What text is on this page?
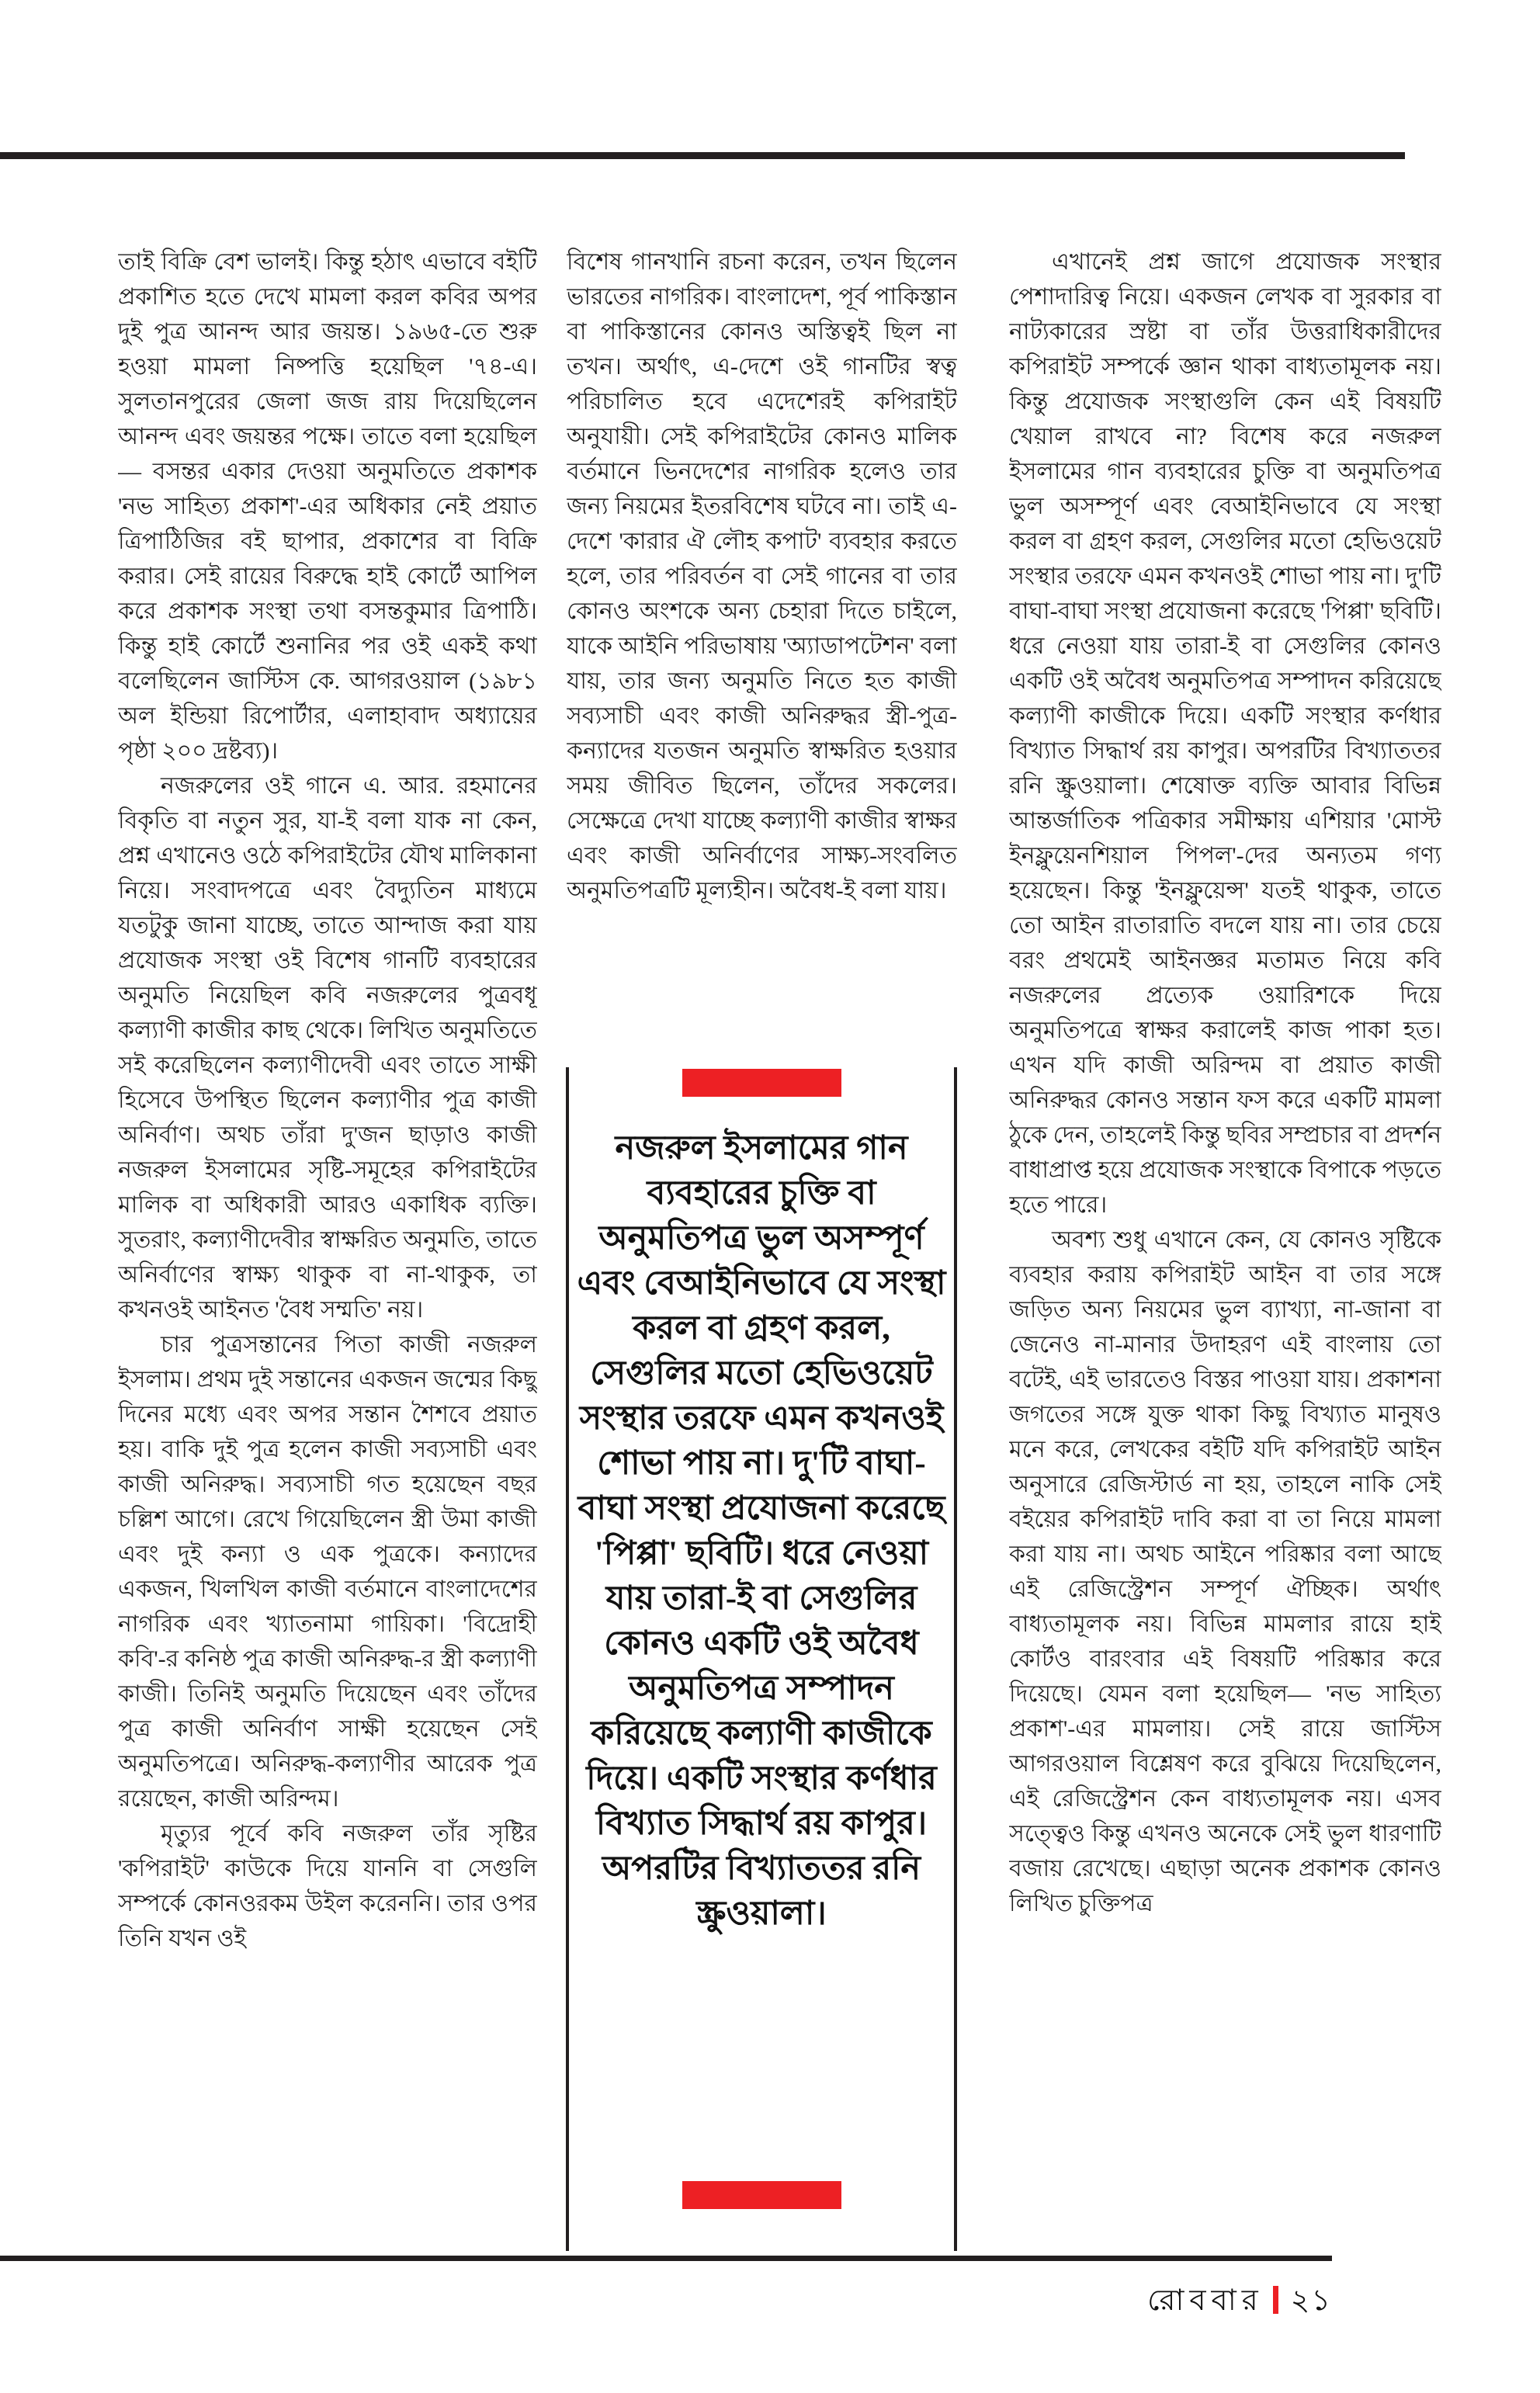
তাই বিক্রি বেশ ভালই। কিন্তু হঠাৎ এভাবে বইটি প্রকাশিত হতে দেখে মামলা করল কবির অপর দুই পুত্র আনন্দ আর জয়ন্ত। ১৯৬৫-তে শুরু হওয়া মামলা নিষ্পত্তি হয়েছিল '৭৪-এ। সুলতানপুরের জেলা জজ রায় দিয়েছিলেন আনন্দ এবং জয়ন্তর পক্ষে। তাতে বলা হয়েছিল— বসন্তর একার দেওয়া অনুমতিতে প্রকাশক 'নভ সাহিত্য প্রকাশ'-এর অধিকার নেই প্রয়াত ত্রিপাঠিজির বই ছাপার, প্রকাশের বা বিক্রি করার। সেই রায়ের বিরুদ্ধে হাই কোর্টে আপিল করে প্রকাশক সংস্থা তথা বসন্তকুমার ত্রিপাঠি। কিন্তু হাই কোর্টে শুনানির পর ওই একই কথা বলেছিলেন জাস্টিস কে. আগরওয়াল (১৯৮১ অল ইন্ডিয়া রিপোর্টার, এলাহাবাদ অধ্যায়ের পৃষ্ঠা ২০০ দ্রষ্টব্য)।

নজরুলের ওই গানে এ. আর. রহমানের বিকৃতি বা নতুন সুর, যা-ই বলা যাক না কেন, প্রশ্ন এখানেও ওঠে কপিরাইটের যৌথ মালিকানা নিয়ে। সংবাদপত্রে এবং বৈদ্যুতিন মাধ্যমে যতটুকু জানা যাচ্ছে, তাতে আন্দাজ করা যায় প্রযোজক সংস্থা ওই বিশেষ গানটি ব্যবহারের অনুমতি নিয়েছিল কবি নজরুলের পুত্রবধূ কল্যাণী কাজীর কাছ থেকে। লিখিত অনুমতিতে সই করেছিলেন কল্যাণীদেবী এবং তাতে সাক্ষী হিসেবে উপস্থিত ছিলেন কল্যাণীর পুত্র কাজী অনির্বাণ। অথচ তাঁরা দু'জন ছাড়াও কাজী নজরুল ইসলামের সৃষ্টি-সমূহের কপিরাইটের মালিক বা অধিকারী আরও একাধিক ব্যক্তি। সুতরাং, কল্যাণীদেবীর স্বাক্ষরিত অনুমতি, তাতে অনির্বাণের স্বাক্ষ্য থাকুক বা না-থাকুক, তা কখনওই আইনত 'বৈধ সম্মতি' নয়।

চার পুত্রসন্তানের পিতা কাজী নজরুল ইসলাম। প্রথম দুই সন্তানের একজন জন্মের কিছু দিনের মধ্যে এবং অপর সন্তান শৈশবে প্রয়াত হয়। বাকি দুই পুত্র হলেন কাজী সব্যসাচী এবং কাজী অনিরুদ্ধ। সব্যসাচী গত হয়েছেন বছর চল্লিশ আগে। রেখে গিয়েছিলেন স্ত্রী উমা কাজী এবং দুই কন্যা ও এক পুত্রকে। কন্যাদের একজন, খিলখিল কাজী বর্তমানে বাংলাদেশের নাগরিক এবং খ্যাতনামা গায়িকা। 'বিদ্রোহী কবি'-র কনিষ্ঠ পুত্র কাজী অনিরুদ্ধ-র স্ত্রী কল্যাণী কাজী। তিনিই অনুমতি দিয়েছেন এবং তাঁদের পুত্র কাজী অনির্বাণ সাক্ষী হয়েছেন সেই অনুমতিপত্রে। অনিরুদ্ধ-কল্যাণীর আরেক পুত্র রয়েছেন, কাজী অরিন্দম।

মৃত্যুর পূর্বে কবি নজরুল তাঁর সৃষ্টির 'কপিরাইট' কাউকে দিয়ে যাননি বা সেগুলি সম্পর্কে কোনওরকম উইল করেননি। তার ওপর তিনি যখন ওই

বিশেষ গানখানি রচনা করেন, তখন ছিলেন ভারতের নাগরিক। বাংলাদেশ, পূর্ব পাকিস্তান বা পাকিস্তানের কোনও অস্তিত্বই ছিল না তখন। অর্থাৎ, এ-দেশে ওই গানটির স্বত্ব পরিচালিত হবে এদেশেরই কপিরাইট অনুযায়ী। সেই কপিরাইটের কোনও মালিক বর্তমানে ভিনদেশের নাগরিক হলেও তার জন্য নিয়মের ইতরবিশেষ ঘটবে না। তাই এ-দেশে 'কারার ঐ লৌহ কপাট' ব্যবহার করতে হলে, তার পরিবর্তন বা সেই গানের বা তার কোনও অংশকে অন্য চেহারা দিতে চাইলে, যাকে আইনি পরিভাষায় 'অ্যাডাপটেশন' বলা যায়, তার জন্য অনুমতি নিতে হত কাজী সব্যসাচী এবং কাজী অনিরুদ্ধর স্ত্রী-পুত্র-কন্যাদের যতজন অনুমতি স্বাক্ষরিত হওয়ার সময় জীবিত ছিলেন, তাঁদের সকলের। সেক্ষেত্রে দেখা যাচ্ছে কল্যাণী কাজীর স্বাক্ষর এবং কাজী অনির্বাণের সাক্ষ্য-সংবলিত অনুমতিপত্রটি মূল্যহীন। অবৈধ-ই বলা যায়।

নজরুল ইসলামের গান ব্যবহারের চুক্তি বা অনুমতিপত্র ভুল অসম্পূর্ণ এবং বেআইনিভাবে যে সংস্থা করল বা গ্রহণ করল, সেগুলির মতো হেভিওয়েট সংস্থার তরফে এমন কখনওই শোভা পায় না। দু'টি বাঘা-বাঘা সংস্থা প্রযোজনা করেছে 'পিপ্পা' ছবিটি। ধরে নেওয়া যায় তারা-ই বা সেগুলির কোনও একটি ওই অবৈধ অনুমতিপত্র সম্পাদন করিয়েছে কল্যাণী কাজীকে দিয়ে। একটি সংস্থার কর্ণধার বিখ্যাত সিদ্ধার্থ রয় কাপুর। অপরটির বিখ্যাততর রনি স্ক্রুওয়ালা।

এখানেই প্রশ্ন জাগে প্রযোজক সংস্থার পেশাদারিত্ব নিয়ে। একজন লেখক বা সুরকার বা নাট্যকারের স্রষ্টা বা তাঁর উত্তরাধিকারীদের কপিরাইট সম্পর্কে জ্ঞান থাকা বাধ্যতামূলক নয়। কিন্তু প্রযোজক সংস্থাগুলি কেন এই বিষয়টি খেয়াল রাখবে না? বিশেষ করে নজরুল ইসলামের গান ব্যবহারের চুক্তি বা অনুমতিপত্র ভুল অসম্পূর্ণ এবং বেআইনিভাবে যে সংস্থা করল বা গ্রহণ করল, সেগুলির মতো হেভিওয়েট সংস্থার তরফে এমন কখনওই শোভা পায় না। দু'টি বাঘা-বাঘা সংস্থা প্রযোজনা করেছে 'পিপ্পা' ছবিটি। ধরে নেওয়া যায় তারা-ই বা সেগুলির কোনও একটি ওই অবৈধ অনুমতিপত্র সম্পাদন করিয়েছে কল্যাণী কাজীকে দিয়ে। একটি সংস্থার কর্ণধার বিখ্যাত সিদ্ধার্থ রয় কাপুর। অপরটির বিখ্যাততর রনি স্ক্রুওয়ালা। শেষোক্ত ব্যক্তি আবার বিভিন্ন আন্তর্জাতিক পত্রিকার সমীক্ষায় এশিয়ার 'মোস্ট ইনফ্লুয়েনশিয়াল পিপল'-দের অন্যতম গণ্য হয়েছেন। কিন্তু 'ইনফ্লুয়েন্স' যতই থাকুক, তাতে তো আইন রাতারাতি বদলে যায় না। তার চেয়ে বরং প্রথমেই আইনজ্ঞর মতামত নিয়ে কবি নজরুলের প্রত্যেক ওয়ারিশকে দিয়ে অনুমতিপত্রে স্বাক্ষর করালেই কাজ পাকা হত। এখন যদি কাজী অরিন্দম বা প্রয়াত কাজী অনিরুদ্ধর কোনও সন্তান ফস করে একটি মামলা ঠুকে দেন, তাহলেই কিন্তু ছবির সম্প্রচার বা প্রদর্শন বাধাপ্রাপ্ত হয়ে প্রযোজক সংস্থাকে বিপাকে পড়তে হতে পারে।

অবশ্য শুধু এখানে কেন, যে কোনও সৃষ্টিকে ব্যবহার করায় কপিরাইট আইন বা তার সঙ্গে জড়িত অন্য নিয়মের ভুল ব্যাখ্যা, না-জানা বা জেনেও না-মানার উদাহরণ এই বাংলায় তো বটেই, এই ভারতেও বিস্তর পাওয়া যায়। প্রকাশনা জগতের সঙ্গে যুক্ত থাকা কিছু বিখ্যাত মানুষও মনে করে, লেখকের বইটি যদি কপিরাইট আইন অনুসারে রেজিস্টার্ড না হয়, তাহলে নাকি সেই বইয়ের কপিরাইট দাবি করা বা তা নিয়ে মামলা করা যায় না। অথচ আইনে পরিষ্কার বলা আছে এই রেজিস্ট্রেশন সম্পূর্ণ ঐচ্ছিক। অর্থাৎ বাধ্যতামূলক নয়। বিভিন্ন মামলার রায়ে হাই কোর্টও বারংবার এই বিষয়টি পরিষ্কার করে দিয়েছে। যেমন বলা হয়েছিল— 'নভ সাহিত্য প্রকাশ'-এর মামলায়। সেই রায়ে জাস্টিস আগরওয়াল বিশ্লেষণ করে বুঝিয়ে দিয়েছিলেন, এই রেজিস্ট্রেশন কেন বাধ্যতামূলক নয়। এসব সত্ত্বেও কিন্তু এখনও অনেকে সেই ভুল ধারণাটি বজায় রেখেছে। এছাড়া অনেক প্রকাশক কোনও লিখিত চুক্তিপত্র

রোববার ২১
